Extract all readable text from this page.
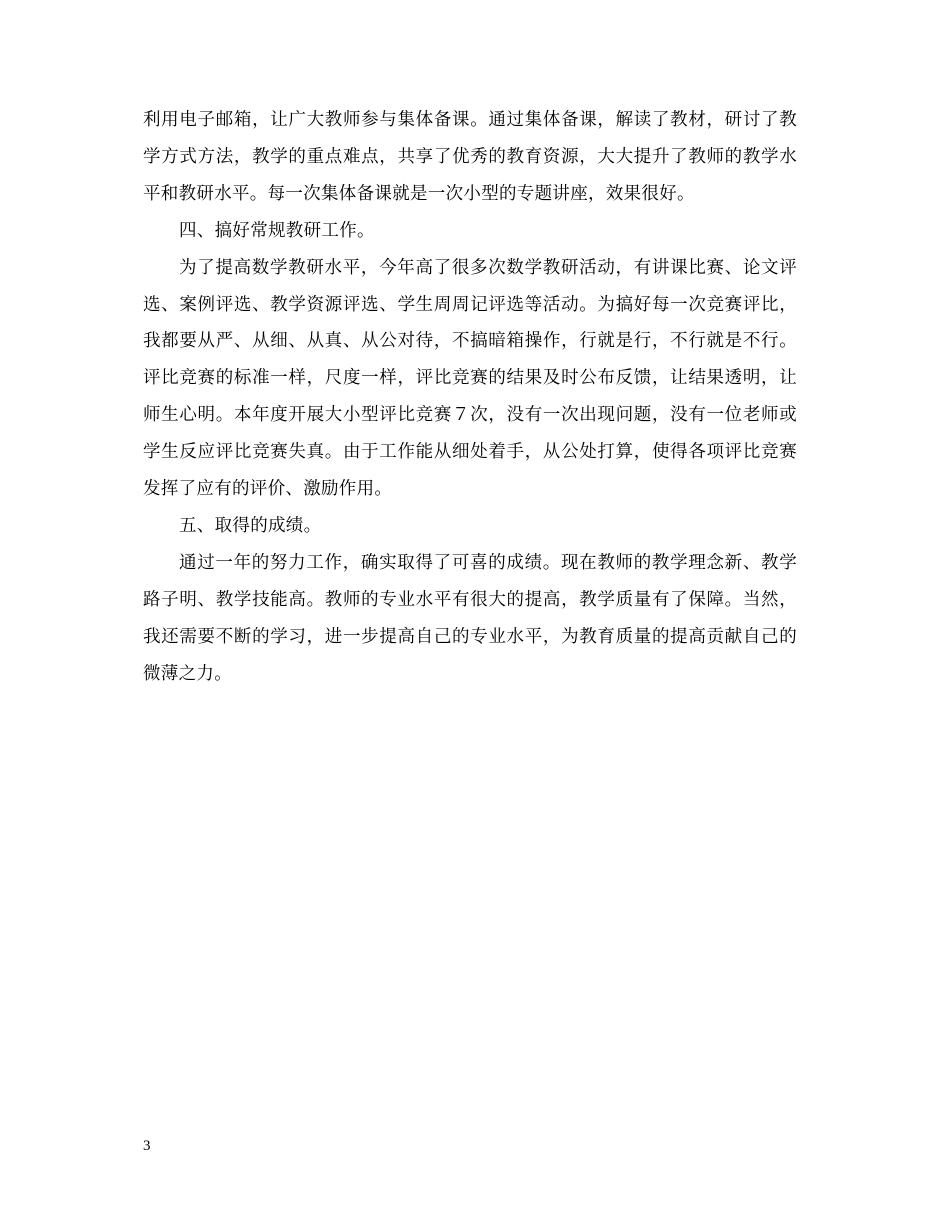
利用电子邮箱，让广大教师参与集体备课。通过集体备课，解读了教材，研讨了教学方式方法，教学的重点难点，共享了优秀的教育资源，大大提升了教师的教学水平和教研水平。每一次集体备课就是一次小型的专题讲座，效果很好。

四、搞好常规教研工作。

为了提高数学教研水平，今年高了很多次数学教研活动，有讲课比赛、论文评选、案例评选、教学资源评选、学生周周记评选等活动。为搞好每一次竞赛评比，我都要从严、从细、从真、从公对待，不搞暗箱操作，行就是行，不行就是不行。评比竞赛的标准一样，尺度一样，评比竞赛的结果及时公布反馈，让结果透明，让师生心明。本年度开展大小型评比竞赛７次，没有一次出现问题，没有一位老师或学生反应评比竞赛失真。由于工作能从细处着手，从公处打算，使得各项评比竞赛发挥了应有的评价、激励作用。

五、取得的成绩。

通过一年的努力工作，确实取得了可喜的成绩。现在教师的教学理念新、教学路子明、教学技能高。教师的专业水平有很大的提高，教学质量有了保障。当然，我还需要不断的学习，进一步提高自己的专业水平，为教育质量的提高贡献自己的微薄之力。

3
